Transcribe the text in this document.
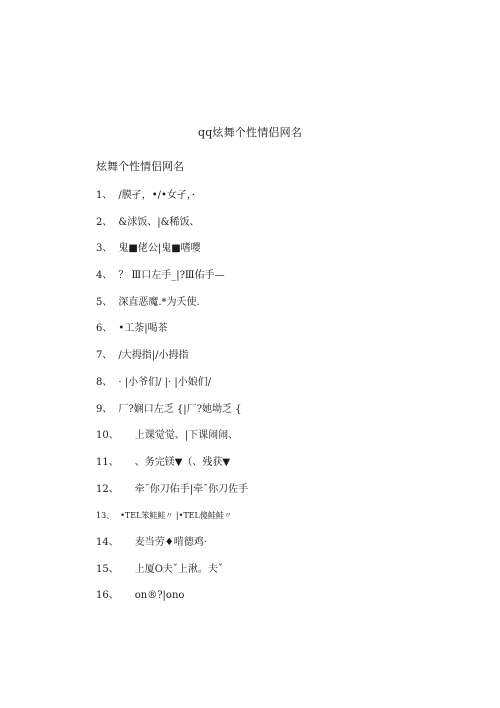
qq炫舞个性情侣网名
炫舞个性情侣网名
1、 /膜孑，•/•女孑，·
2、 &浗饭、|&稀饭、
3、 鬼■佬公|鬼■嗜嘤
4、 ？ Ⅲ口左手_|?Ⅲ佑手—
5、 深直恶魔.*为夭使.
6、 •工荼|喝茶
7、 /大拇指|/小拇指
8、 · |小爷们/ |· |小娘们/
9、 厂?娴口左乏 {|厂?她坳乏 {
10、 上课觉觉、|下课闹闹、
11、 、务完镁▼（、残获▼
12、 牵ˉ你刀佑手|牵ˉ你刀佐手
13、 •TEL笨鲑鲑〃 |•TEL傻鲑鲑〃
14、 麦当劳♦啃德鸡·
15、 上厦O夫ˇ上湫。夫ˇ
16、 on®?|ono
